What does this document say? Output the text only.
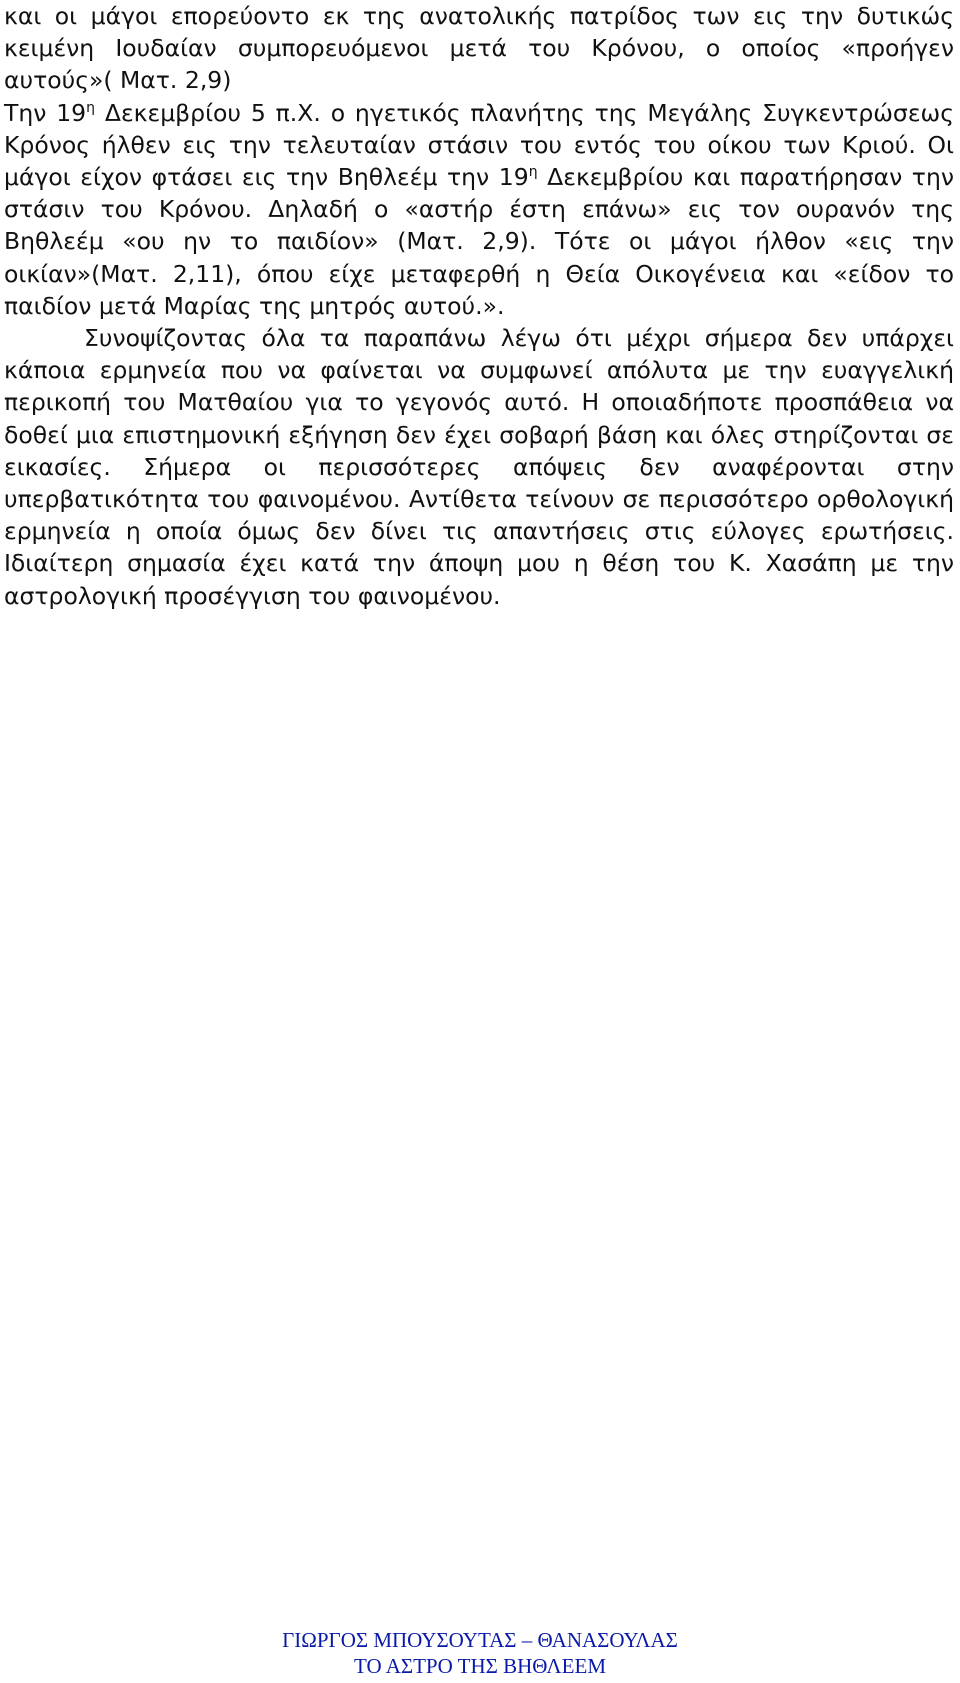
και οι μάγοι επορεύοντο εκ της ανατολικής πατρίδος των εις την δυτικώς κειμένη Ιουδαίαν συμπορευόμενοι μετά του Κρόνου, ο οποίος «προήγεν αυτούς»( Ματ. 2,9)

Την $19^\eta$ Δεκεμβρίου 5 π.Χ. ο ηγετικός πλανήτης της Μεγάλης Συγκεντρώσεως Κρόνος ήλθεν εις την τελευταίαν στάσιν του εντός του οίκου των Κριού. Οι μάγοι είχον φτάσει εις την Βηθλεέμ την $19^\eta$ Δεκεμβρίου και παρατήρησαν την στάσιν του Κρόνου. Δηλαδή ο «αστήρ έστη επάνω» εις τον ουρανόν της Βηθλεέμ «ου ην το παιδίον» (Ματ. 2,9). Τότε οι μάγοι ήλθον «εις την οικίαν»(Ματ. 2,11), όπου είχε μεταφερθή η Θεία Οικογένεια και «είδον το παιδίον μετά Μαρίας της μητρός αυτού.».

Συνοψίζοντας όλα τα παραπάνω λέγω ότι μέχρι σήμερα δεν υπάρχει κάποια ερμηνεία που να φαίνεται να συμφωνεί απόλυτα με την ευαγγελική περικοπή του Ματθαίου για το γεγονός αυτό. Η οποιαδήποτε προσπάθεια να δοθεί μια επιστημονική εξήγηση δεν έχει σοβαρή βάση και όλες στηρίζονται σε εικασίες. Σήμερα οι περισσότερες απόψεις δεν αναφέρονται στην υπερβατικότητα του φαινομένου. Αντίθετα τείνουν σε περισσότερο ορθολογική ερμηνεία η οποία όμως δεν δίνει τις απαντήσεις στις εύλογες ερωτήσεις. Ιδιαίτερη σημασία έχει κατά την άποψη μου η θέση του Κ. Χασάπη με την αστρολογική προσέγγιση του φαινομένου.

ΓΙΩΡΓΟΣ ΜΠΟΥΣΟΥΤΑΣ – ΘΑΝΑΣΟΥΛΑΣ
ΤΟ ΑΣΤΡΟ ΤΗΣ ΒΗΘΛΕΕΜ
